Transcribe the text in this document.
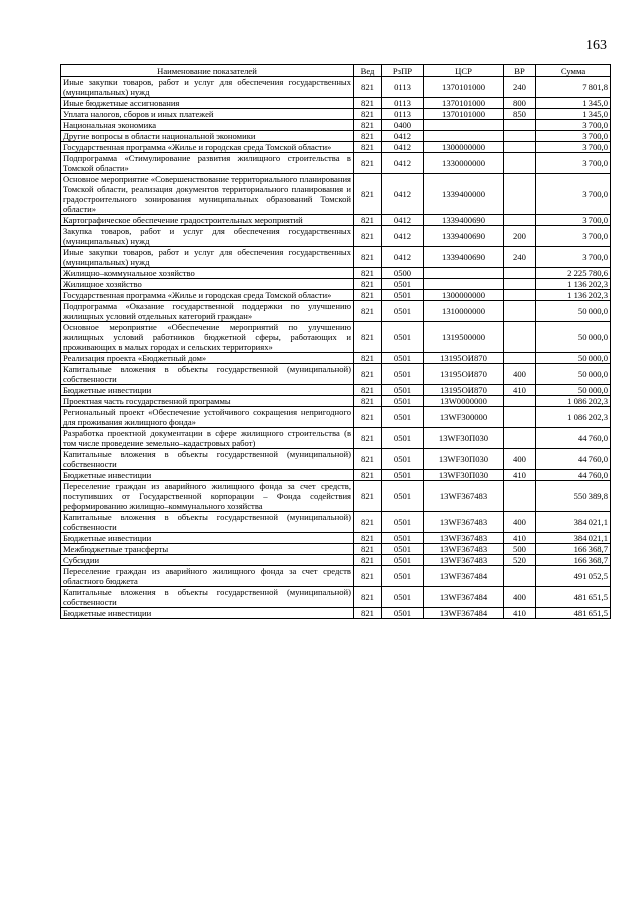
163
Наименование показателей	Вед	РзПР	ЦСР	ВР	Сумма
Иные закупки товаров, работ и услуг для обеспечения государственных (муниципальных) нужд	821	0113	1370101000	240	7 801,8
Иные бюджетные ассигнования	821	0113	1370101000	800	1 345,0
Уплата налогов, сборов и иных платежей	821	0113	1370101000	850	1 345,0
Национальная экономика	821	0400			3 700,0
Другие вопросы в области национальной экономики	821	0412			3 700,0
Государственная программа «Жилье и городская среда Томской области»	821	0412	1300000000		3 700,0
Подпрограмма «Стимулирование развития жилищного строительства в Томской области»	821	0412	1330000000		3 700,0
Основное мероприятие «Совершенствование территориального планирования Томской области, реализация документов территориального планирования и градостроительного зонирования муниципальных образований Томской области»	821	0412	1339400000		3 700,0
Картографическое обеспечение градостроительных мероприятий	821	0412	1339400690		3 700,0
Закупка товаров, работ и услуг для обеспечения государственных (муниципальных) нужд	821	0412	1339400690	200	3 700,0
Иные закупки товаров, работ и услуг для обеспечения государственных (муниципальных) нужд	821	0412	1339400690	240	3 700,0
Жилищно–коммунальное хозяйство	821	0500			2 225 780,6
Жилищное хозяйство	821	0501			1 136 202,3
Государственная программа «Жилье и городская среда Томской области»	821	0501	1300000000		1 136 202,3
Подпрограмма «Оказание государственной поддержки по улучшению жилищных условий отдельных категорий граждан»	821	0501	1310000000		50 000,0
Основное мероприятие «Обеспечение мероприятий по улучшению жилищных условий работников бюджетной сферы, работающих и проживающих в малых городах и сельских территориях»	821	0501	1319500000		50 000,0
Реализация проекта «Бюджетный дом»	821	0501	13195ОИ870		50 000,0
Капитальные вложения в объекты государственной (муниципальной) собственности	821	0501	13195ОИ870	400	50 000,0
Бюджетные инвестиции	821	0501	13195ОИ870	410	50 000,0
Проектная часть государственной программы	821	0501	13W0000000		1 086 202,3
Региональный проект «Обеспечение устойчивого сокращения непригодного для проживания жилищного фонда»	821	0501	13WF300000		1 086 202,3
Разработка проектной документации в сфере жилищного строительства (в том числе проведение земельно–кадастровых работ)	821	0501	13WF30П030		44 760,0
Капитальные вложения в объекты государственной (муниципальной) собственности	821	0501	13WF30П030	400	44 760,0
Бюджетные инвестиции	821	0501	13WF30П030	410	44 760,0
Переселение граждан из аварийного жилищного фонда за счет средств, поступивших от Государственной корпорации – Фонда содействия реформированию жилищно–коммунального хозяйства	821	0501	13WF367483		550 389,8
Капитальные вложения в объекты государственной (муниципальной) собственности	821	0501	13WF367483	400	384 021,1
Бюджетные инвестиции	821	0501	13WF367483	410	384 021,1
Межбюджетные трансферты	821	0501	13WF367483	500	166 368,7
Субсидии	821	0501	13WF367483	520	166 368,7
Переселение граждан из аварийного жилищного фонда за счет средств областного бюджета	821	0501	13WF367484		491 052,5
Капитальные вложения в объекты государственной (муниципальной) собственности	821	0501	13WF367484	400	481 651,5
Бюджетные инвестиции	821	0501	13WF367484	410	481 651,5
